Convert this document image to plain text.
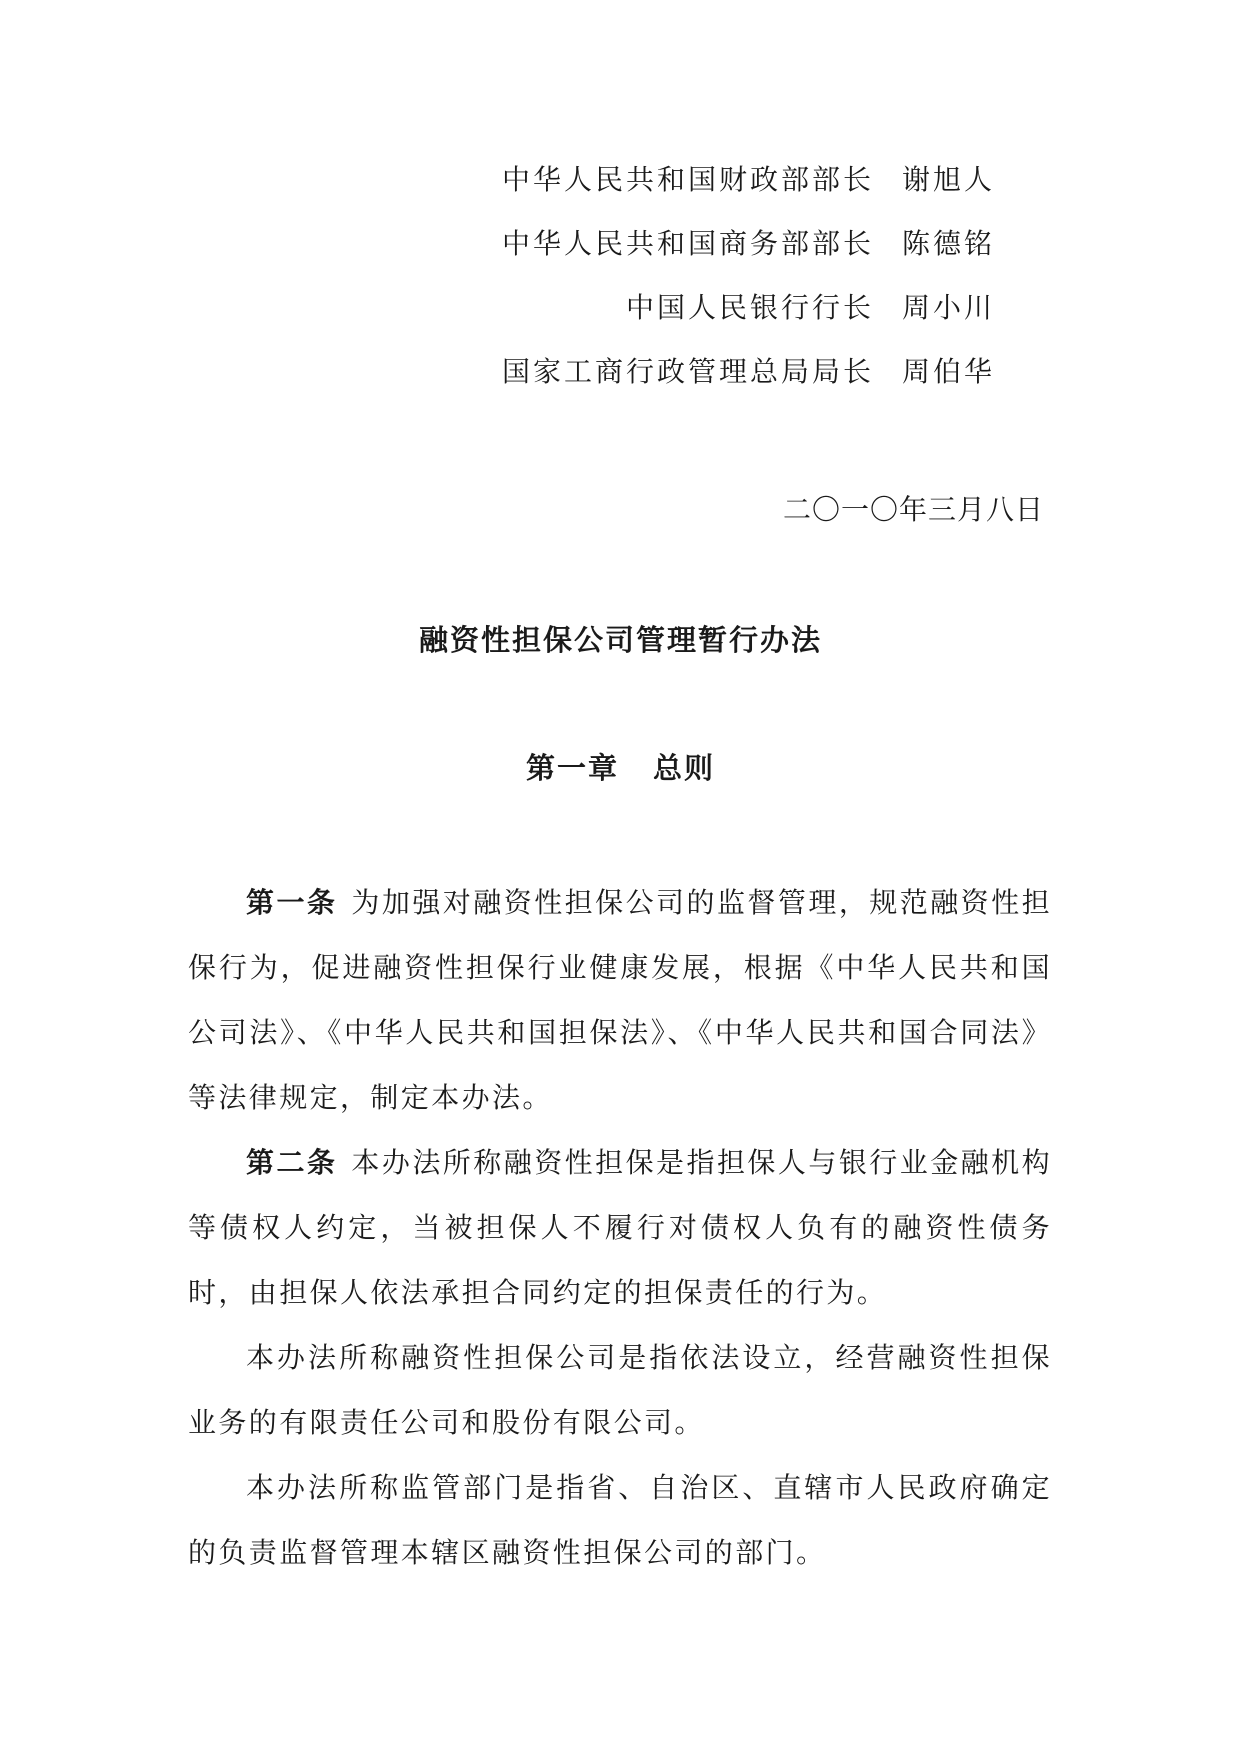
中华人民共和国财政部部长 谢旭人
中华人民共和国商务部部长 陈德铭
中国人民银行行长 周小川
国家工商行政管理总局局长 周伯华
二〇一〇年三月八日
融资性担保公司管理暂行办法
第一章 总则

第一条 为加强对融资性担保公司的监督管理，规范融资性担保行为，促进融资性担保行业健康发展，根据《中华人民共和国公司法》、《中华人民共和国担保法》、《中华人民共和国合同法》等法律规定，制定本办法。

第二条 本办法所称融资性担保是指担保人与银行业金融机构等债权人约定，当被担保人不履行对债权人负有的融资性债务时，由担保人依法承担合同约定的担保责任的行为。

本办法所称融资性担保公司是指依法设立，经营融资性担保业务的有限责任公司和股份有限公司。

本办法所称监管部门是指省、自治区、直辖市人民政府确定的负责监督管理本辖区融资性担保公司的部门。
